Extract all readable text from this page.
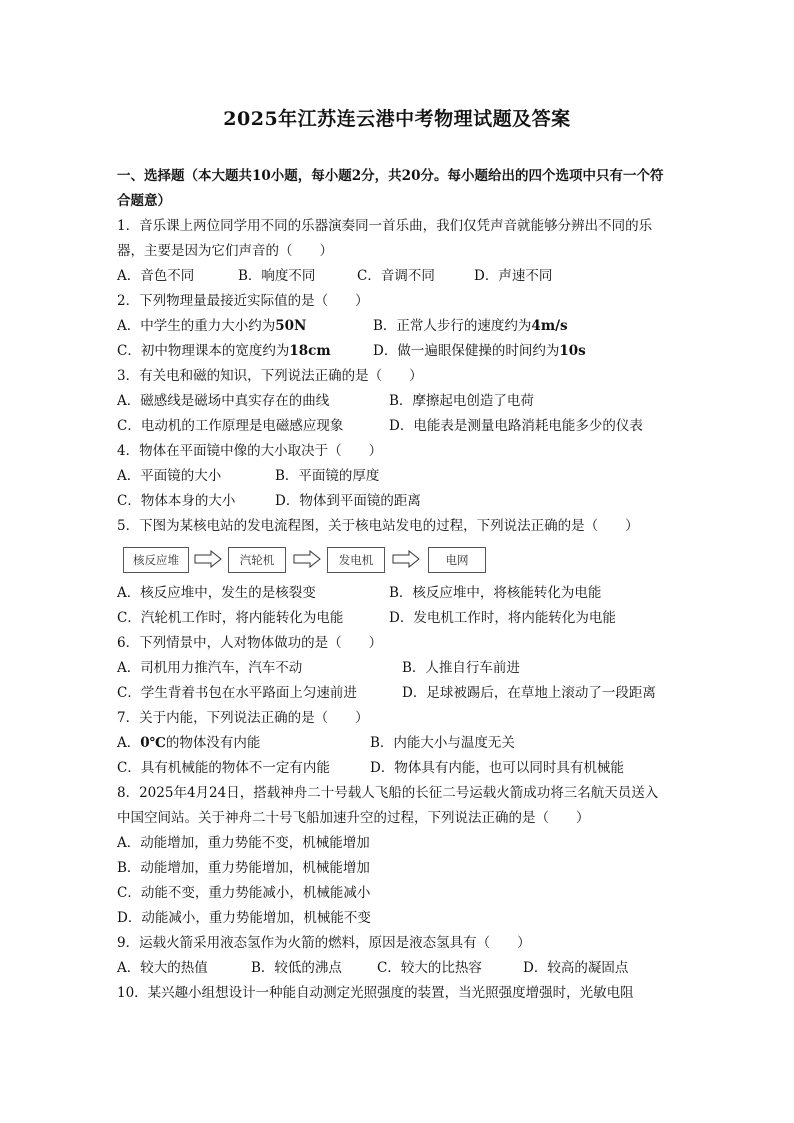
2025年江苏连云港中考物理试题及答案
一、选择题（本大题共10小题，每小题2分，共20分。每小题给出的四个选项中只有一个符
合题意）
1．音乐课上两位同学用不同的乐器演奏同一首乐曲，我们仅凭声音就能够分辨出不同的乐
器，主要是因为它们声音的（　　）
A．音色不同	B．响度不同	C．音调不同	D．声速不同
2．下列物理量最接近实际值的是（　　）
A．中学生的重力大小约为50N	B．正常人步行的速度约为4m/s
C．初中物理课本的宽度约为18cm	D．做一遍眼保健操的时间约为10s
3．有关电和磁的知识，下列说法正确的是（　　）
A．磁感线是磁场中真实存在的曲线	B．摩擦起电创造了电荷
C．电动机的工作原理是电磁感应现象	D．电能表是测量电路消耗电能多少的仪表
4．物体在平面镜中像的大小取决于（　　）
A．平面镜的大小	B．平面镜的厚度
C．物体本身的大小	D．物体到平面镜的距离
5．下图为某核电站的发电流程图，关于核电站发电的过程，下列说法正确的是（　　）
核反应堆	汽轮机	发电机	电网
A．核反应堆中，发生的是核裂变	B．核反应堆中，将核能转化为电能
C．汽轮机工作时，将内能转化为电能	D．发电机工作时，将内能转化为电能
6．下列情景中，人对物体做功的是（　　）
A．司机用力推汽车，汽车不动	B．人推自行车前进
C．学生背着书包在水平路面上匀速前进	D．足球被踢后，在草地上滚动了一段距离
7．关于内能，下列说法正确的是（　　）
A．0℃的物体没有内能	B．内能大小与温度无关
C．具有机械能的物体不一定有内能	D．物体具有内能，也可以同时具有机械能
8．2025年4月24日，搭载神舟二十号载人飞船的长征二号运载火箭成功将三名航天员送入
中国空间站。关于神舟二十号飞船加速升空的过程，下列说法正确的是（　　）
A．动能增加，重力势能不变，机械能增加
B．动能增加，重力势能增加，机械能增加
C．动能不变，重力势能减小，机械能减小
D．动能减小，重力势能增加，机械能不变
9．运载火箭采用液态氢作为火箭的燃料，原因是液态氢具有（　　）
A．较大的热值	B．较低的沸点	C．较大的比热容	D．较高的凝固点
10．某兴趣小组想设计一种能自动测定光照强度的装置，当光照强度增强时，光敏电阻
